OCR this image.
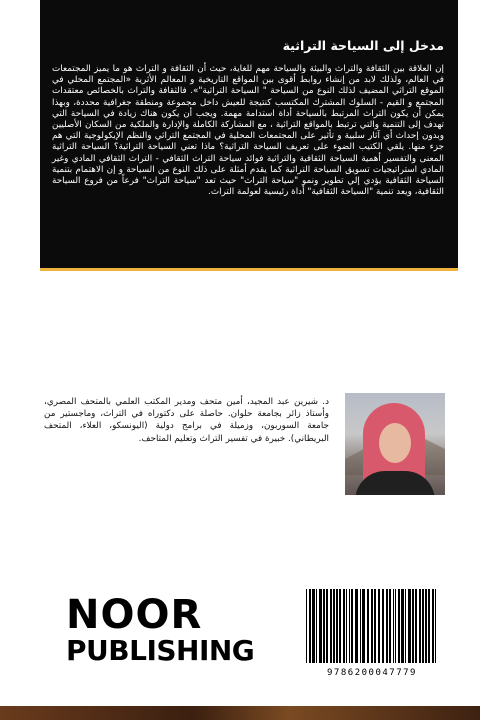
مدخل إلى السياحة التراثية

إن العلاقة بين الثقافة والتراث والبيئة والسياحة مهم للغاية، حيث أن الثقافة و التراث هو ما يميز المجتمعات في العالم، ولذلك لابد من إنشاء روابط أقوى بين المواقع التاريخية و المعالم الأثرية «المجتمع المحلي في الموقع التراثي المضيف لذلك النوع من السياحة " السياحة التراثية"». فالثقافة والتراث بالخصائص معتقدات المجتمع و القيم - السلوك المشترك المكتسب كنتيجة للعيش داخل مجموعة ومنطقة جغرافية محددة، وبهذا يمكن أن يكون التراث المرتبط بالسياحة أداة استدامة مهمة. ويجب أن يكون هناك زيادة في السياحة التي تهدف إلى التنمية والتي ترتبط بالمواقع التراثية ، مع المشاركة الكاملة والإدارة والملكية من السكان الأصليين وبدون إحداث أي آثار سلبية و تأثير على المجتمعات المحلية في المجتمع التراثي والنظم الإيكولوجية التي هم جزء منها. يلقي الكتيب الضوء على تعريف السياحة التراثية؟ ماذا تعني السياحة التراثية؟ السياحة التراثية المعنى والتفسير أهمية السياحة الثقافية والتراثية فوائد سياحة التراث الثقافي - التراث الثقافي المادي وغير المادي استراتيجيات تسويق السياحة التراثية كما يقدم أمثلة على ذلك النوع من السياحة و إن الاهتمام بتنمية السياحة الثقافية يؤدي إلي تطوير ونمو "سياحة التراث" حيث تعد "سياحة التراث" فرعاً من فروع السياحة الثقافية، ويعد تنمية "السياحة الثقافية" أداة رئيسية لعولمة التراث.

د. شيرين عبد المجيد، أمين متحف ومدير المكتب العلمي بالمتحف المصري، وأستاذ زائر بجامعة حلوان. حاصلة على دكتوراه في التراث، وماجستير من جامعة السوربون، وزميلة في برامج دولية (اليونسكو، العلاء، المتحف البريطاني). خبيرة في تفسير التراث وتعليم المتاحف.

NOOR
PUBLISHING
9786200047779
